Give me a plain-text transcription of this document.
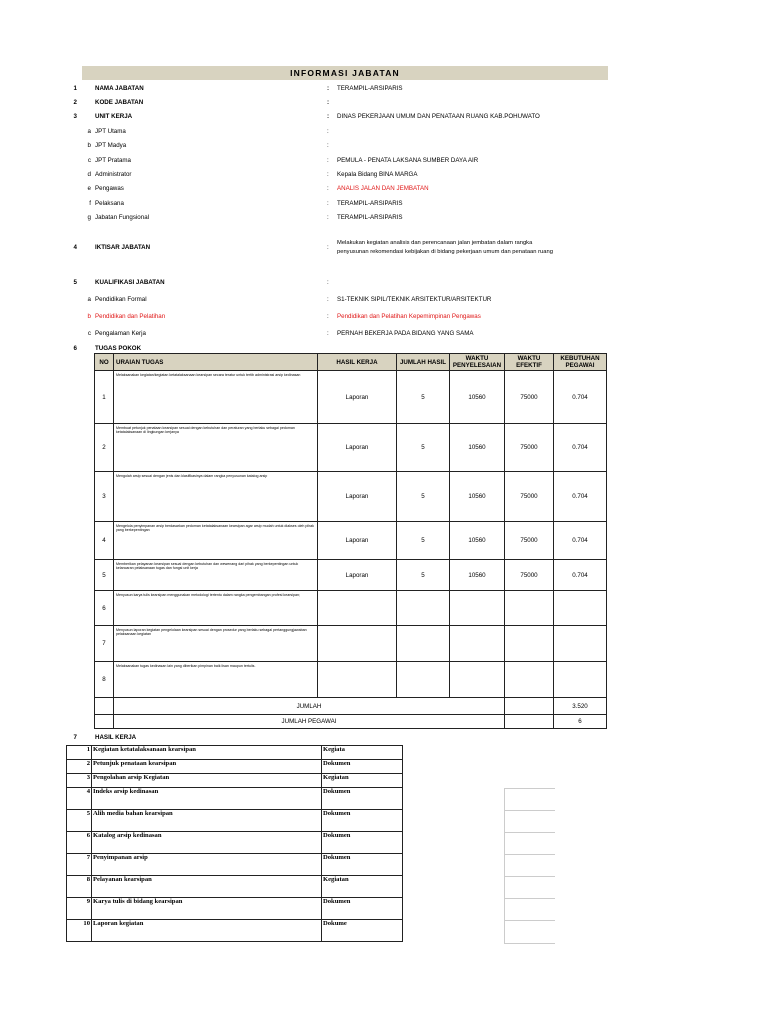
INFORMASI JABATAN
1	NAMA JABATAN	: TERAMPIL-ARSIPARIS
2	KODE JABATAN	:
3	UNIT KERJA	: DINAS PEKERJAAN UMUM DAN PENATAAN RUANG KAB.POHUWATO
a JPT Utama	:
b JPT Madya	:
c JPT Pratama	: PEMULA - PENATA LAKSANA SUMBER DAYA AIR
d Administrator	: Kepala Bidang BINA MARGA
e Pengawas	: ANALIS JALAN DAN JEMBATAN
f Pelaksana	: TERAMPIL-ARSIPARIS
g Jabatan Fungsional	: TERAMPIL-ARSIPARIS
4	IKTISAR JABATAN	:
Melakukan kegiatan analisis dan perencanaan jalan jembatan dalam rangka
penyusunan rekomendasi kebijakan di bidang pekerjaan umum dan penataan ruang
5	KUALIFIKASI JABATAN	:
a Pendidikan Formal	: S1-TEKNIK SIPIL/TEKNIK ARSITEKTUR/ARSITEKTUR
b Pendidikan dan Pelatihan	: Pendidikan dan Pelatihan Kepemimpinan Pengawas
c Pengalaman Kerja	: PERNAH BEKERJA PADA BIDANG YANG SAMA
6	TUGAS POKOK
NO	URAIAN TUGAS	HASIL KERJA	JUMLAH HASIL	WAKTU PENYELESAIAN	WAKTU EFEKTIF	KEBUTUHAN PEGAWAI
1	Melaksanakan kegiatan/kegiatan ketatalaksanaan kearsipan secara teratur untuk tertib administrasi arsip kedinasan	Laporan	5	10560	75000	0.704
2	Membuat petunjuk penataan kearsipan sesuai dengan kebutuhan dan peraturan yang berlaku sebagai pedoman ketatalaksanaan di lingkungan kerjanya	Laporan	5	10560	75000	0.704
3	Mengolah arsip sesuai dengan jenis dan klasifikasinya dalam rangka penyusunan katalog arsip	Laporan	5	10560	75000	0.704
4	Mengelola penyimpanan arsip berdasarkan pedoman ketatalaksanaan kearsipan agar arsip mudah untuk diakses oleh pihak yang berkepentingan	Laporan	5	10560	75000	0.704
5	Memberikan pelayanan kearsipan sesuai dengan kebutuhan dan wewenang dari pihak yang berkepentingan untuk kelancaran pelaksanaan tugas dan fungsi unit kerja	Laporan	5	10560	75000	0.704
6	Menyusun karya tulis kearsipan menggunakan metodologi tertentu dalam rangka pengembangan profesi kearsipan;					
7	Menyusun laporan kegiatan pengelolaan kearsipan sesuai dengan prosedur yang berlaku sebagai pertanggungjawaban pelaksanaan kegiatan					
8	Melaksanakan tugas kedinasan lain yang diberikan pimpinan baik lisan maupun tertulis.					
	JUMLAH					3.520
	JUMLAH PEGAWAI					6
7	HASIL KERJA
1	Kegiatan ketatalaksanaan kearsipan	Kegiata
2	Petunjuk penataan kearsipan	Dokumen
3	Pengolahan arsip Kegiatan	Kegiatan
4	Indeks arsip kedinasan	Dokumen
5	Alih media bahan kearsipan	Dokumen
6	Katalog arsip kedinasan	Dokumen
7	Penyimpanan arsip	Dokumen
8	Pelayanan kearsipan	Kegiatan
9	Karya tulis di bidang kearsipan	Dokumen
10	Laporan kegiatan	Dokume
